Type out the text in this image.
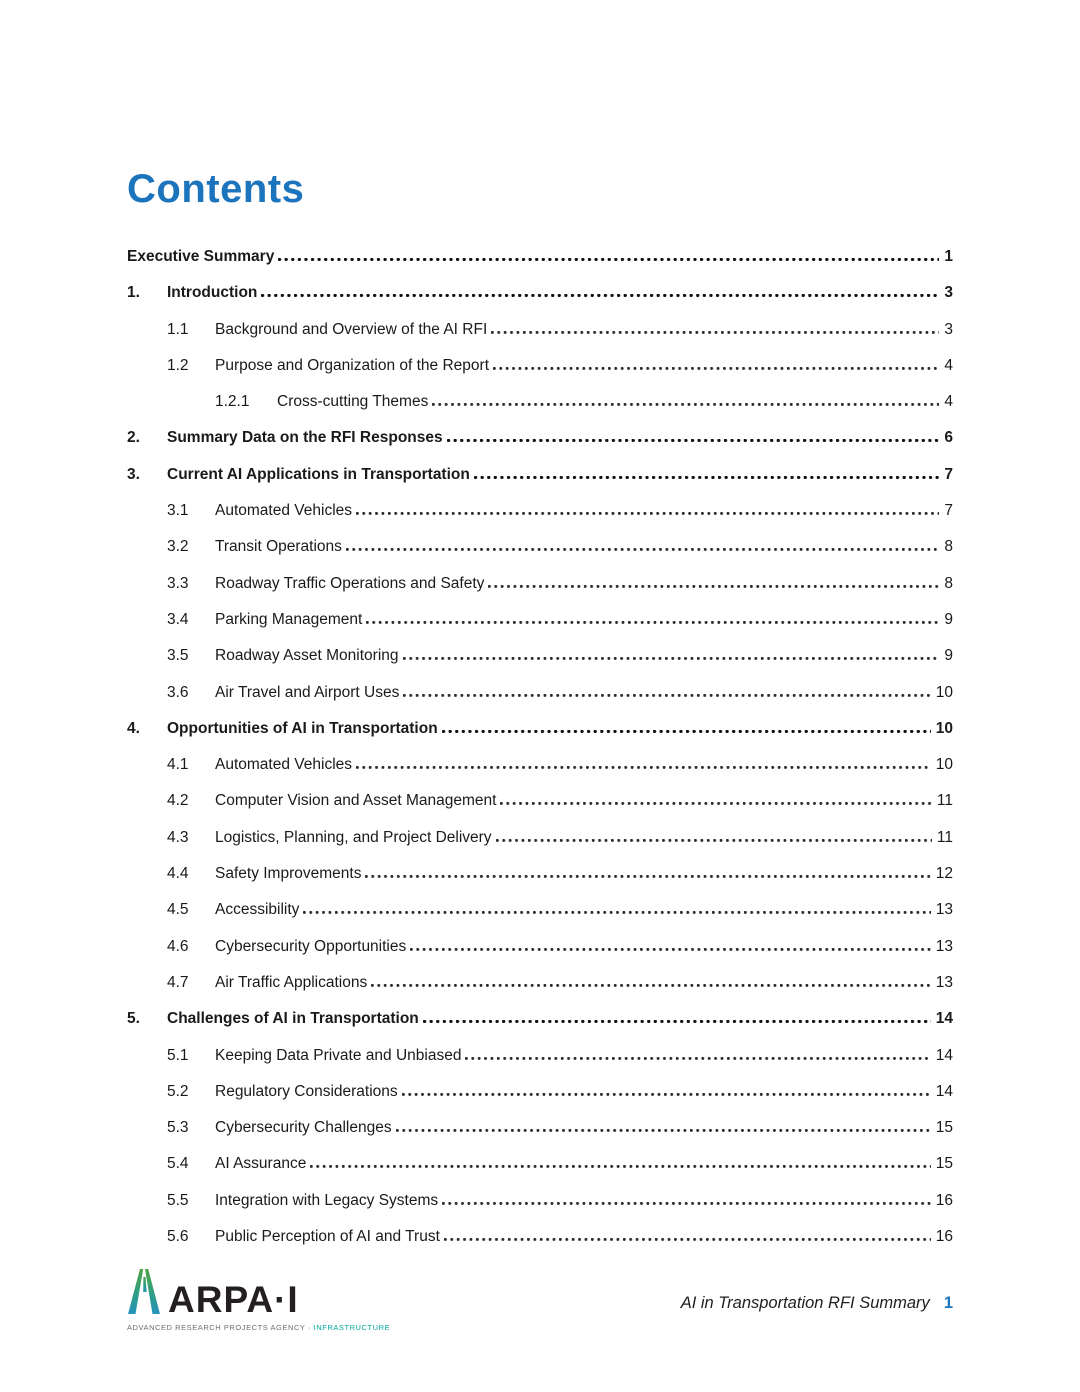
Contents
Executive Summary	1
1.	Introduction	3
1.1	Background and Overview of the AI RFI	3
1.2	Purpose and Organization of the Report	4
1.2.1	Cross-cutting Themes	4
2.	Summary Data on the RFI Responses	6
3.	Current AI Applications in Transportation	7
3.1	Automated Vehicles	7
3.2	Transit Operations	8
3.3	Roadway Traffic Operations and Safety	8
3.4	Parking Management	9
3.5	Roadway Asset Monitoring	9
3.6	Air Travel and Airport Uses	10
4.	Opportunities of AI in Transportation	10
4.1	Automated Vehicles	10
4.2	Computer Vision and Asset Management	11
4.3	Logistics, Planning, and Project Delivery	11
4.4	Safety Improvements	12
4.5	Accessibility	13
4.6	Cybersecurity Opportunities	13
4.7	Air Traffic Applications	13
5.	Challenges of AI in Transportation	14
5.1	Keeping Data Private and Unbiased	14
5.2	Regulatory Considerations	14
5.3	Cybersecurity Challenges	15
5.4	AI Assurance	15
5.5	Integration with Legacy Systems	16
5.6	Public Perception of AI and Trust	16
ARPA·I
ADVANCED RESEARCH PROJECTS AGENCY · INFRASTRUCTURE
AI in Transportation RFI Summary 1
